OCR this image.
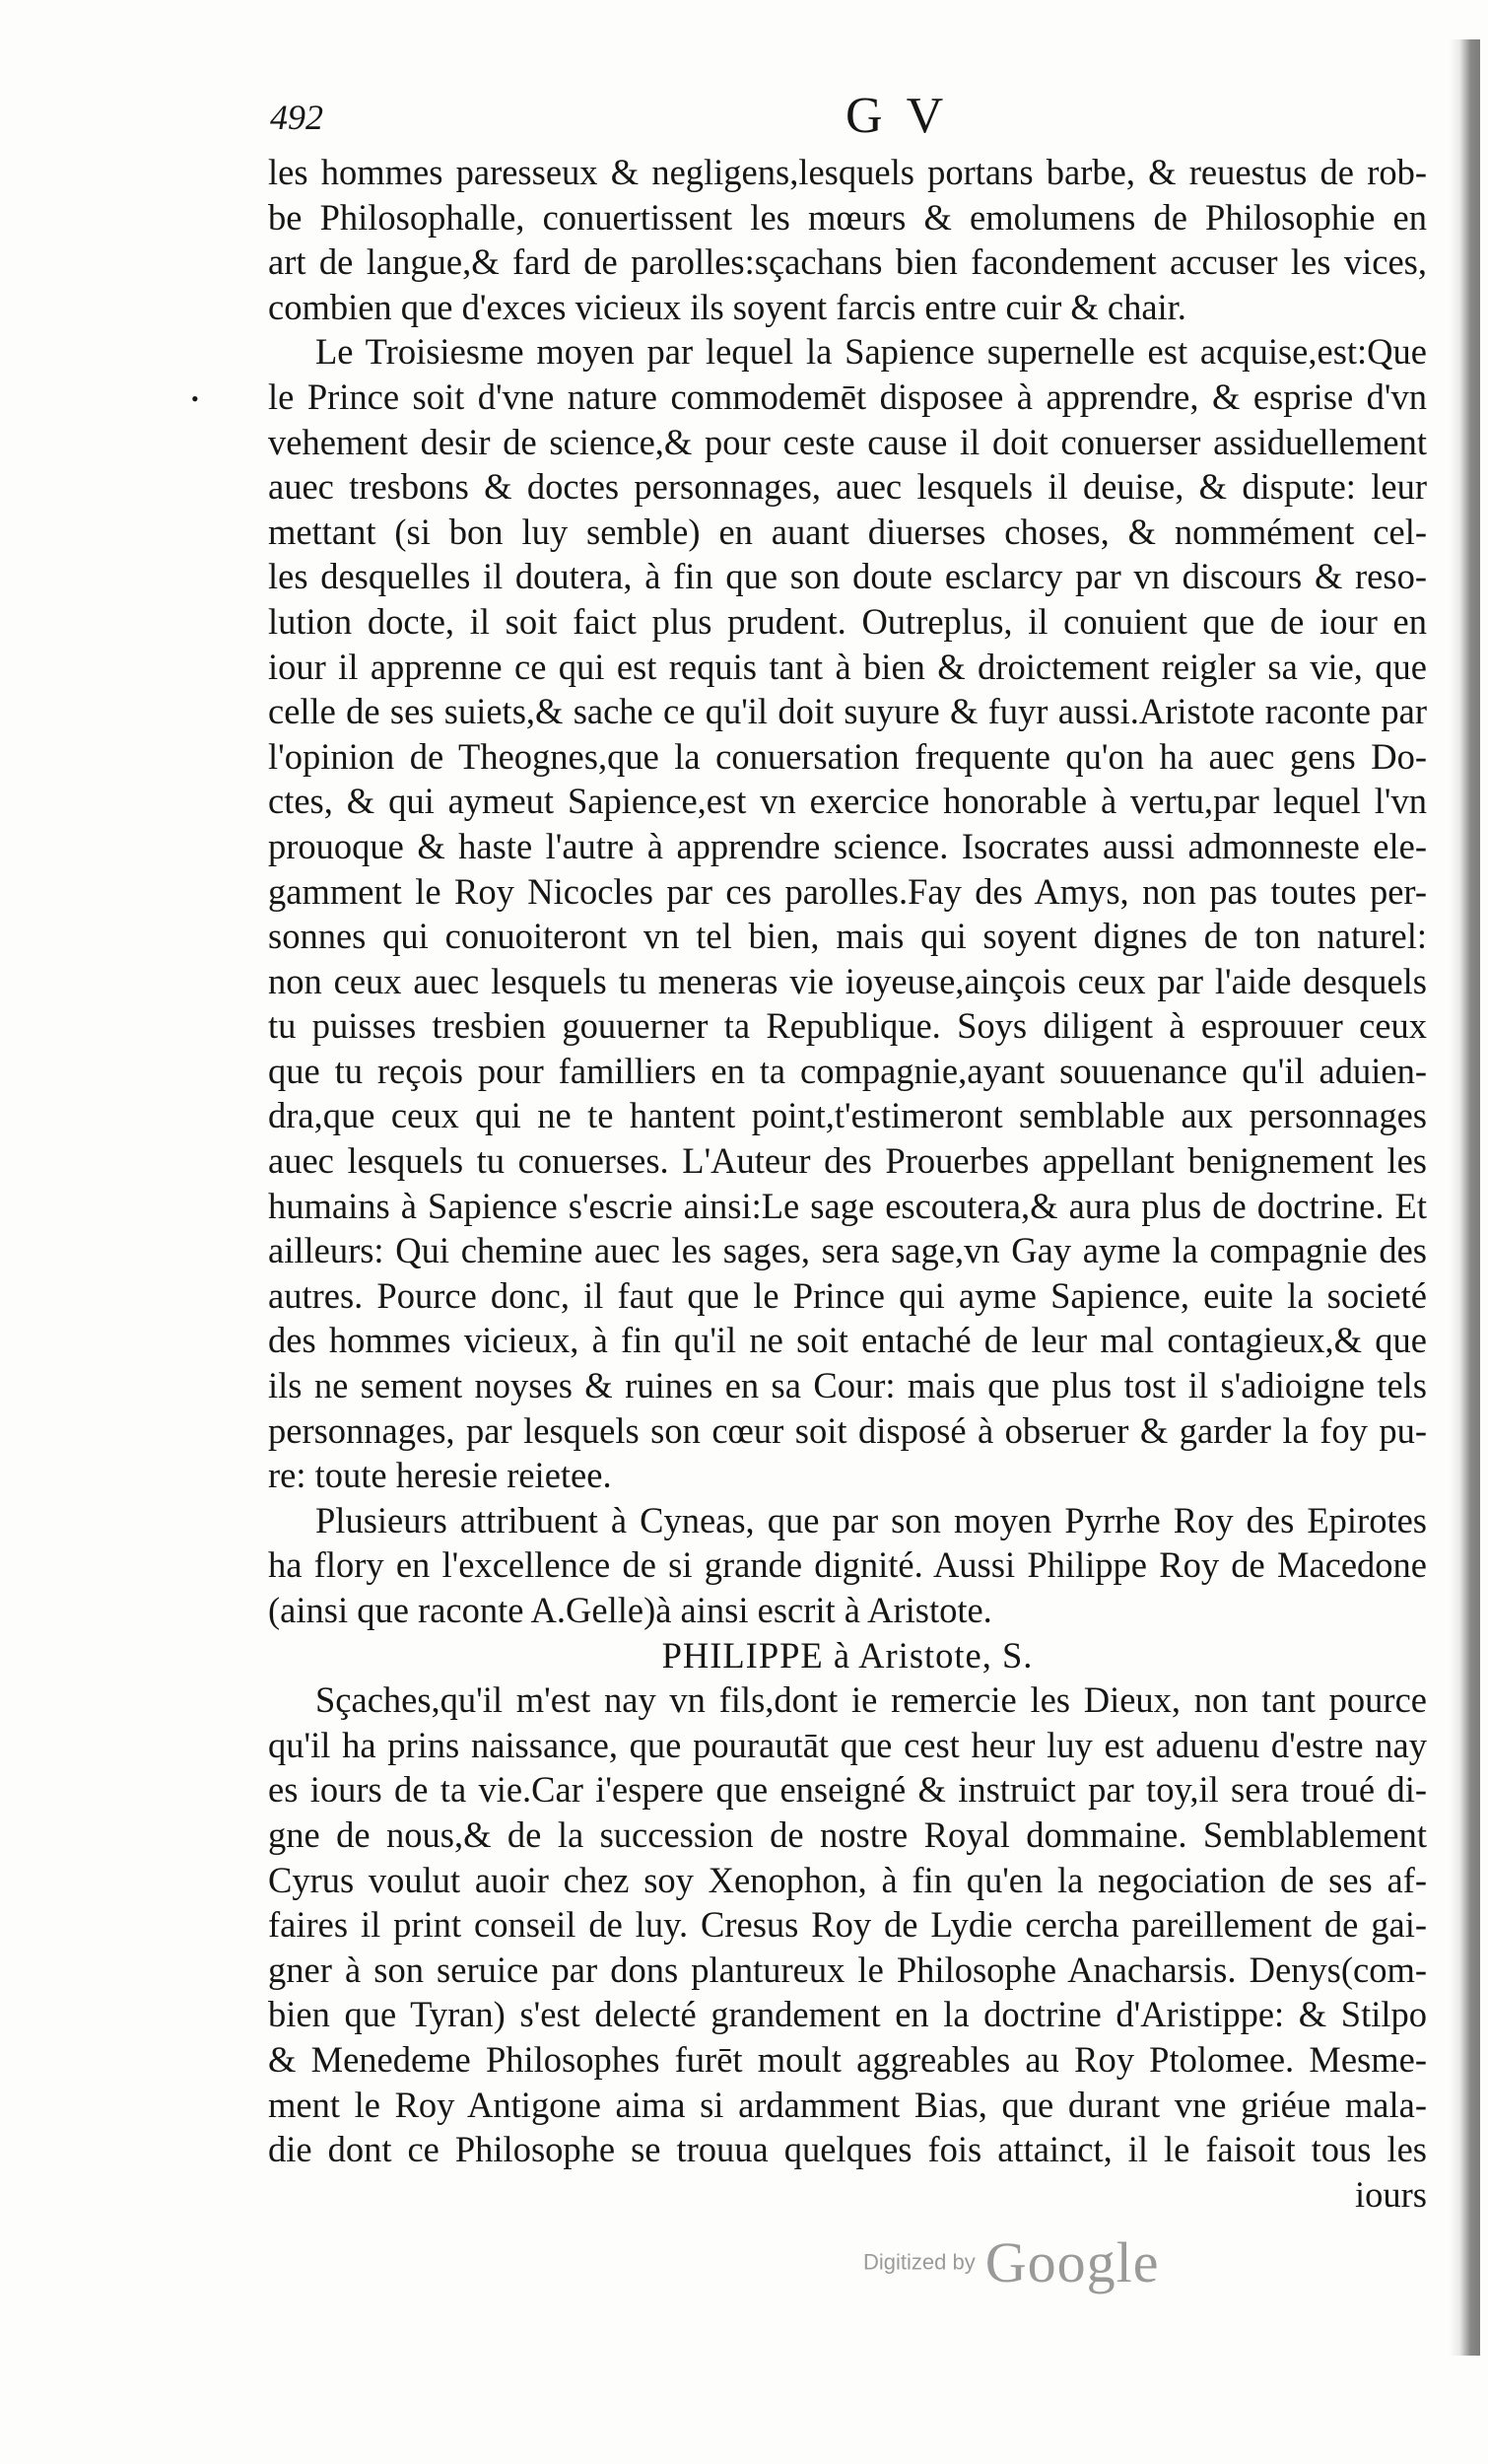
492	G V
•
les hommes paresseux & negligens,lesquels portans barbe, & reuestus de rob-
be Philosophalle, conuertissent les mœurs & emolumens de Philosophie en
art de langue,& fard de parolles:sçachans bien facondement accuser les vices,
combien que d'exces vicieux ils soyent farcis entre cuir & chair.
Le Troisiesme moyen par lequel la Sapience supernelle est acquise,est:Que
le Prince soit d'vne nature commodemēt disposee à apprendre, & esprise d'vn
vehement desir de science,& pour ceste cause il doit conuerser assiduellement
auec tresbons & doctes personnages, auec lesquels il deuise, & dispute: leur
mettant (si bon luy semble) en auant diuerses choses, & nommément cel-
les desquelles il doutera, à fin que son doute esclarcy par vn discours & reso-
lution docte, il soit faict plus prudent. Outreplus, il conuient que de iour en
iour il apprenne ce qui est requis tant à bien & droictement reigler sa vie, que
celle de ses suiets,& sache ce qu'il doit suyure & fuyr aussi.Aristote raconte par
l'opinion de Theognes,que la conuersation frequente qu'on ha auec gens Do-
ctes, & qui aymeut Sapience,est vn exercice honorable à vertu,par lequel l'vn
prouoque & haste l'autre à apprendre science. Isocrates aussi admonneste ele-
gamment le Roy Nicocles par ces parolles.Fay des Amys, non pas toutes per-
sonnes qui conuoiteront vn tel bien, mais qui soyent dignes de ton naturel:
non ceux auec lesquels tu meneras vie ioyeuse,ainçois ceux par l'aide desquels
tu puisses tresbien gouuerner ta Republique. Soys diligent à esprouuer ceux
que tu reçois pour familliers en ta compagnie,ayant souuenance qu'il aduien-
dra,que ceux qui ne te hantent point,t'estimeront semblable aux personnages
auec lesquels tu conuerses. L'Auteur des Prouerbes appellant benignement les
humains à Sapience s'escrie ainsi:Le sage escoutera,& aura plus de doctrine. Et
ailleurs: Qui chemine auec les sages, sera sage,vn Gay ayme la compagnie des
autres. Pource donc, il faut que le Prince qui ayme Sapience, euite la societé
des hommes vicieux, à fin qu'il ne soit entaché de leur mal contagieux,& que
ils ne sement noyses & ruines en sa Cour: mais que plus tost il s'adioigne tels
personnages, par lesquels son cœur soit disposé à obseruer & garder la foy pu-
re: toute heresie reietee.
Plusieurs attribuent à Cyneas, que par son moyen Pyrrhe Roy des Epirotes
ha flory en l'excellence de si grande dignité. Aussi Philippe Roy de Macedone
(ainsi que raconte A.Gelle)à ainsi escrit à Aristote.
PHILIPPE à Aristote, S.
Sçaches,qu'il m'est nay vn fils,dont ie remercie les Dieux, non tant pource
qu'il ha prins naissance, que pourautāt que cest heur luy est aduenu d'estre nay
es iours de ta vie.Car i'espere que enseigné & instruict par toy,il sera troué di-
gne de nous,& de la succession de nostre Royal dommaine. Semblablement
Cyrus voulut auoir chez soy Xenophon, à fin qu'en la negociation de ses af-
faires il print conseil de luy. Cresus Roy de Lydie cercha pareillement de gai-
gner à son seruice par dons plantureux le Philosophe Anacharsis. Denys(com-
bien que Tyran) s'est delecté grandement en la doctrine d'Aristippe: & Stilpo
& Menedeme Philosophes furēt moult aggreables au Roy Ptolomee. Mesme-
ment le Roy Antigone aima si ardamment Bias, que durant vne griéue mala-
die dont ce Philosophe se trouua quelques fois attainct, il le faisoit tous les
iours
Digitized by Google
